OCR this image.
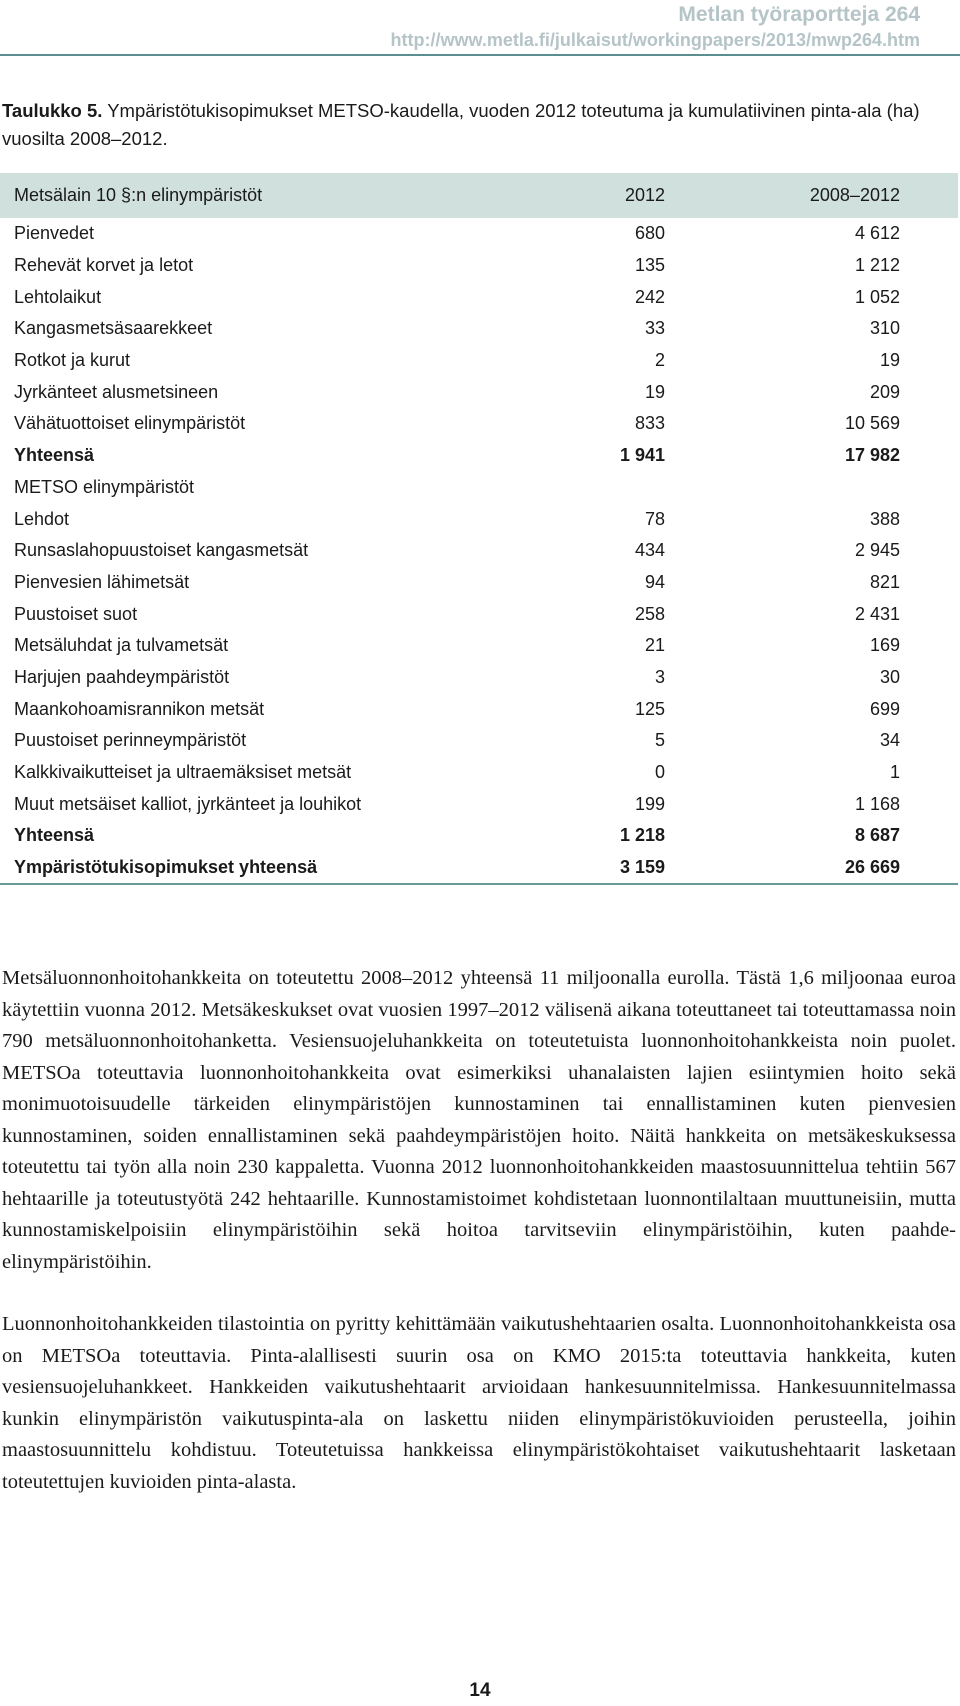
Metlan työraportteja 264
http://www.metla.fi/julkaisut/workingpapers/2013/mwp264.htm
Taulukko 5. Ympäristötukisopimukset METSO-kaudella, vuoden 2012 toteutuma ja kumulatiivinen pinta-ala (ha) vuosilta 2008–2012.
Metsälain 10 §:n elinympäristöt	2012	2008–2012
Pienvedet	680	4 612
Rehevät korvet ja letot	135	1 212
Lehtolaikut	242	1 052
Kangasmetsäsaarekkeet	33	310
Rotkot ja kurut	2	19
Jyrkänteet alusmetsineen	19	209
Vähätuottoiset elinympäristöt	833	10 569
Yhteensä	1 941	17 982
METSO elinympäristöt		
Lehdot	78	388
Runsaslahopuustoiset kangasmetsät	434	2 945
Pienvesien lähimetsät	94	821
Puustoiset suot	258	2 431
Metsäluhdat ja tulvametsät	21	169
Harjujen paahdeympäristöt	3	30
Maankohoamisrannikon metsät	125	699
Puustoiset perinneympäristöt	5	34
Kalkkivaikutteiset ja ultraemäksiset metsät	0	1
Muut metsäiset kalliot, jyrkänteet ja louhikot	199	1 168
Yhteensä	1 218	8 687
Ympäristötukisopimukset yhteensä	3 159	26 669

Metsäluonnonhoitohankkeita on toteutettu 2008–2012 yhteensä 11 miljoonalla eurolla. Tästä 1,6 miljoonaa euroa käytettiin vuonna 2012. Metsäkeskukset ovat vuosien 1997–2012 välisenä aikana toteuttaneet tai toteuttamassa noin 790 metsäluonnonhoitohanketta. Vesiensuojeluhankkeita on toteutetuista luonnonhoitohankkeista noin puolet. METSOa toteuttavia luonnonhoitohankkeita ovat esimerkiksi uhanalaisten lajien esiintymien hoito sekä monimuotoisuudelle tärkeiden elinympäristöjen kunnostaminen tai ennallistaminen kuten pienvesien kunnostaminen, soiden ennallistaminen sekä paahdeympäristöjen hoito. Näitä hankkeita on metsäkeskuksessa toteutettu tai työn alla noin 230 kappaletta. Vuonna 2012 luonnonhoitohankkeiden maastosuunnittelua tehtiin 567 hehtaarille ja toteutustyötä 242 hehtaarille. Kunnostamistoimet kohdistetaan luonnontilaltaan muuttuneisiin, mutta kunnostamiskelpoisiin elinympäristöihin sekä hoitoa tarvitseviin elinympäristöihin, kuten paahde-elinympäristöihin.

Luonnonhoitohankkeiden tilastointia on pyritty kehittämään vaikutushehtaarien osalta. Luonnonhoitohankkeista osa on METSOa toteuttavia. Pinta-alallisesti suurin osa on KMO 2015:ta toteuttavia hankkeita, kuten vesiensuojeluhankkeet. Hankkeiden vaikutushehtaarit arvioidaan hankesuunnitelmissa. Hankesuunnitelmassa kunkin elinympäristön vaikutuspinta-ala on laskettu niiden elinympäristökuvioiden perusteella, joihin maastosuunnittelu kohdistuu. Toteutetuissa hankkeissa elinympäristökohtaiset vaikutushehtaarit lasketaan toteutettujen kuvioiden pinta-alasta.

14
